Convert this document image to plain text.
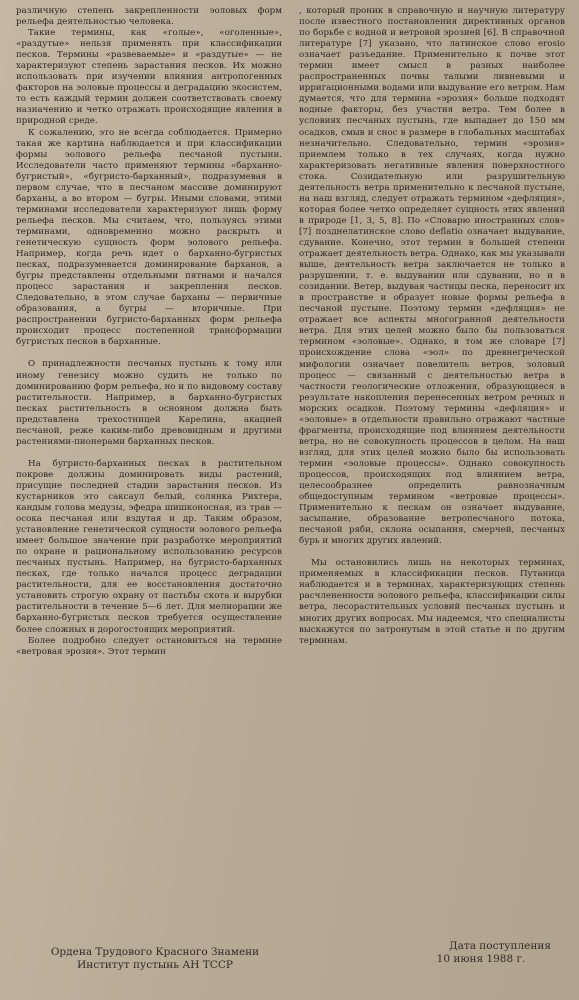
различную степень закрепленности эоловых форм рельефа деятельностью человека.

Такие термины, как «голые», «оголенные», «раздутые» нельзя применять при классификации песков. Термины «развеваемые» и «раздутые» — не характеризуют степень зарастания песков. Их можно использовать при изучении влияния антропогенных факторов на эоловые процессы и деградацию экосистем, то есть каждый термин должен соответствовать своему назначению и четко отражать происходящие явления в природной среде.

К сожалению, это не всегда соблюдается. Примерно такая же картина наблюдается и при классификации формы эолового рельефа песчаной пустыни. Исследователи часто применяют термины «барханно-бугристый», «бугристо-барханный», подразумевая в первом случае, что в песчаном массиве доминируют барханы, а во втором — бугры. Иными словами, этими терминами исследователи характеризуют лишь форму рельефа песков. Мы считаем, что, пользуясь этими терминами, одновременно можно раскрыть и генетическую сущность форм эолового рельефа. Например, когда речь идет о барханно-бугристых песках, подразумевается доминирование барханов, а бугры представлены отдельными пятнами и начался процесс зарастания и закрепления песков. Следовательно, в этом случае барханы — первичные образования, а бугры — вторичные. При распространении бугристо-барханных форм рельефа происходит процесс постепенной трансформации бугристых песков в барханные.

О принадлежности песчаных пустынь к тому или иному генезису можно судить не только по доминированию форм рельефа, но и по видовому составу растительности. Например, в барханно-бугристых песках растительность в основном должна быть представлена трехостницей Карелина, акацией песчаной, реже каким-либо древовидным и другими растениями-пионерами барханных песков.

На бугристо-барханных песках в растительном покрове должны доминировать виды растений, присущие последней стадии зарастания песков. Из кустарников это саксаул белый, солянка Рихтера, кандым голова медузы, эфедра шишконосная, из трав — осока песчаная или вздутая и др. Таким образом, установление генетической сущности эолового рельефа имеет большое значение при разработке мероприятий по охране и рациональному использованию ресурсов песчаных пустынь. Например, на бугристо-барханных песках, где только начался процесс деградации растительности, для ее восстановления достаточно установить строгую охрану от пастьбы скота и вырубки растительности в течение 5—6 лет. Для мелиорации же барханно-бугристых песков требуется осуществление более сложных и дорогостоящих мероприятий.

Более подробно следует остановиться на термине «ветровая эрозия». Этот термин

, который проник в справочную и научную литературу после известного постановления директивных органов по борьбе с водной и ветровой эрозией [6]. В справочной литературе [7] указано, что латинское слово erosio означает разъедание. Применительно к почве этот термин имеет смысл в разных наиболее распространенных почвы талыми ливневыми и ирригационными водами или выдувание его ветром. Нам думается, что для термина «эрозия» больше подходят водные факторы, без участия ветра. Тем более в условиях песчаных пустынь, где выпадает до 150 мм осадков, смыв и снос в размере в глобальных масштабах незначительно. Следовательно, термин «эрозия» приемлем только в тех случаях, когда нужно характеризовать негативные явления поверхностного стока. Созидательную или разрушительную деятельность ветра применительно к песчаной пустыне, на наш взгляд, следует отражать термином «дефляция», которая более четко определяет сущность этих явлений в природе [1, 3, 5, 8]. По «Словарю иностранных слов» [7] позднелатинское слово deflatio означает выдувание, сдувание. Конечно, этот термин в большей степени отражает деятельность ветра. Однако, как мы указывали выше, деятельность ветра заключается не только в разрушении, т. е. выдувании или сдувании, но и в созидании. Ветер, выдувая частицы песка, переносит их в пространстве и образует новые формы рельефа в песчаной пустыне. Поэтому термин «дефляция» не отражает все аспекты многогранной деятельности ветра. Для этих целей можно было бы пользоваться термином «эоловые». Однако, в том же словаре [7] происхождение слова «эол» по древнегреческой мифологии означает повелитель ветров, золовый процесс — связанный с деятельностью ветра в частности геологические отложения, образующиеся в результате накопления перенесенных ветром речных и морских осадков. Поэтому термины «дефляция» и «эоловые» в отдельности правильно отражают частные фрагменты, происходящие под влиянием деятельности ветра, но не совокупность процессов в целом. На наш взгляд, для этих целей можно было бы использовать термин «эоловые процессы». Однако совокупность процессов, происходящих под влиянием ветра, целесообразнее определить равнозначным общедоступным термином «ветровые процессы». Применительно к пескам он означает выдувание, засыпание, образование ветропесчаного потока, песчаной ряби, склона осыпания, смерчей, песчаных бурь и многих других явлений.

Мы остановились лишь на некоторых терминах, применяемых в классификации песков. Путаница наблюдается и в терминах, характеризующих степень расчлененности эолового рельефа, классификации силы ветра, лесорастительных условий песчаных пустынь и многих других вопросах. Мы надеемся, что специалисты выскажутся по затронутым в этой статье и по другим терминам.

Ордена Трудового Красного Знамени
Институт пустынь АН ТССР
Дата поступления
10 июня 1988 г.
